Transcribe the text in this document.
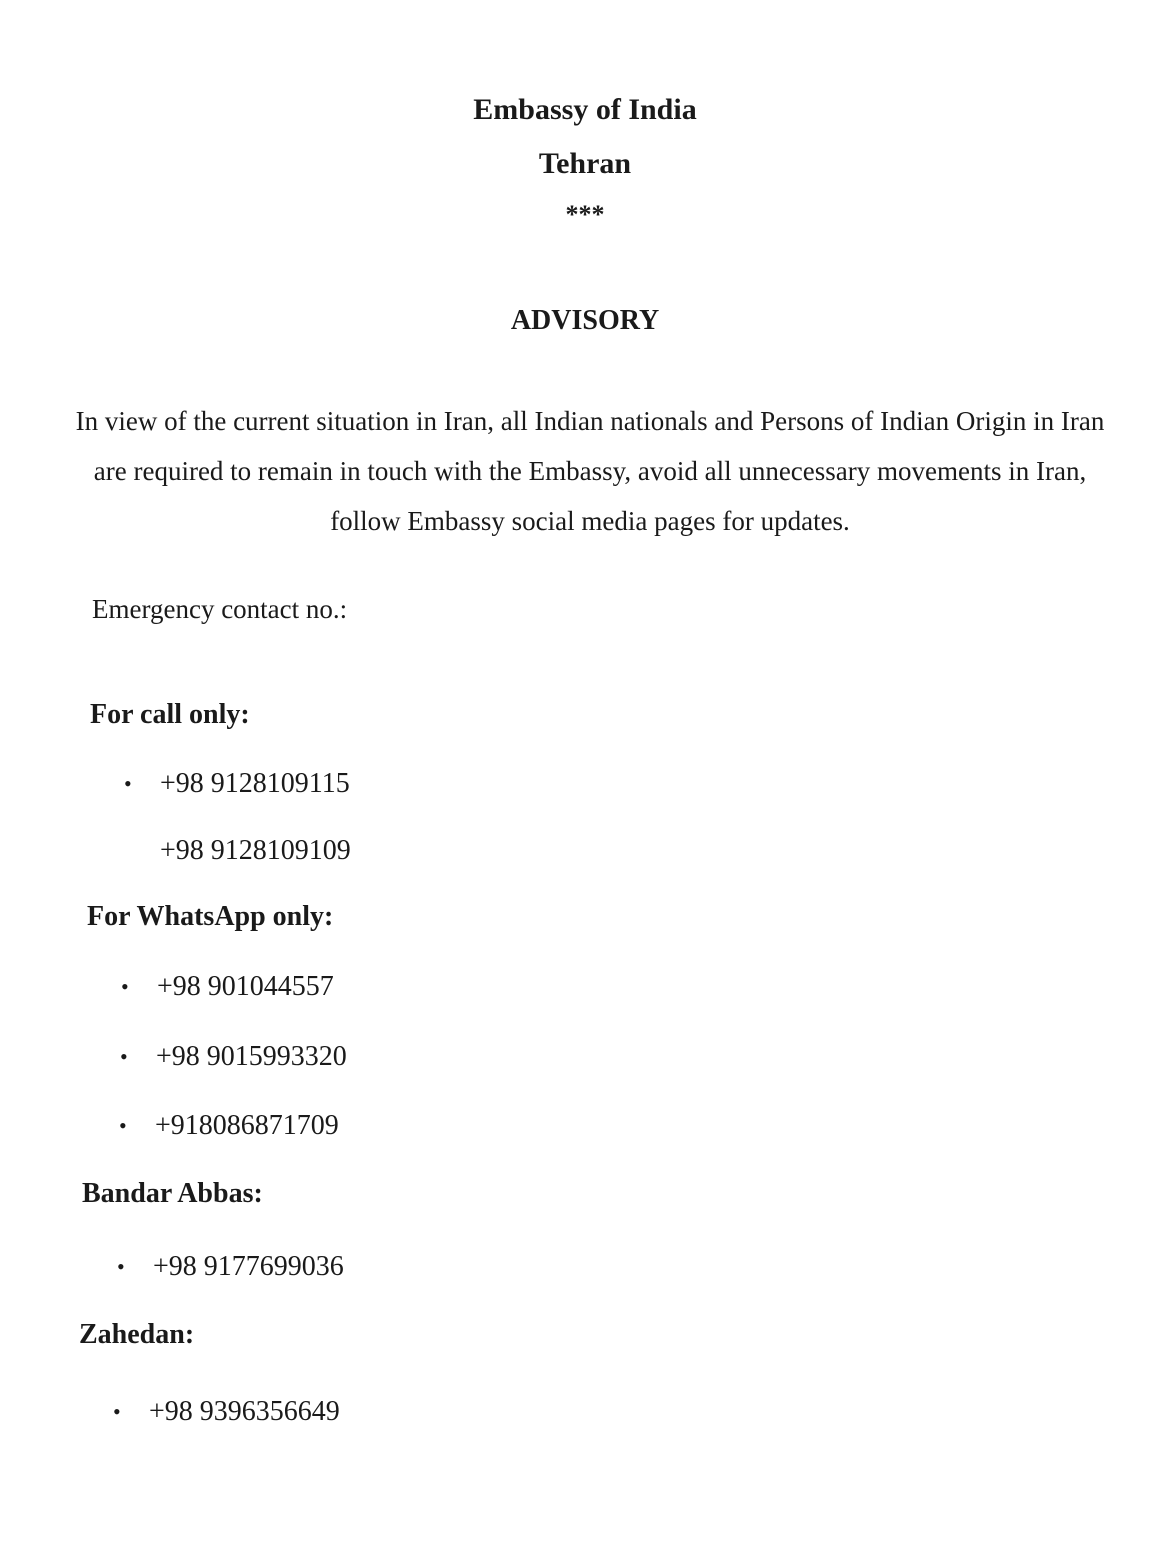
Embassy of India

Tehran

***

ADVISORY

In view of the current situation in Iran, all Indian nationals and Persons of Indian Origin in Iran are required to remain in touch with the Embassy, avoid all unnecessary movements in Iran, follow Embassy social media pages for updates.

Emergency contact no.:

For call only:

•	+98 9128109115
+98 9128109109

For WhatsApp only:

•	+98 901044557
•	+98 9015993320
•	+918086871709

Bandar Abbas:

•	+98 9177699036

Zahedan:

•	+98 9396356649
